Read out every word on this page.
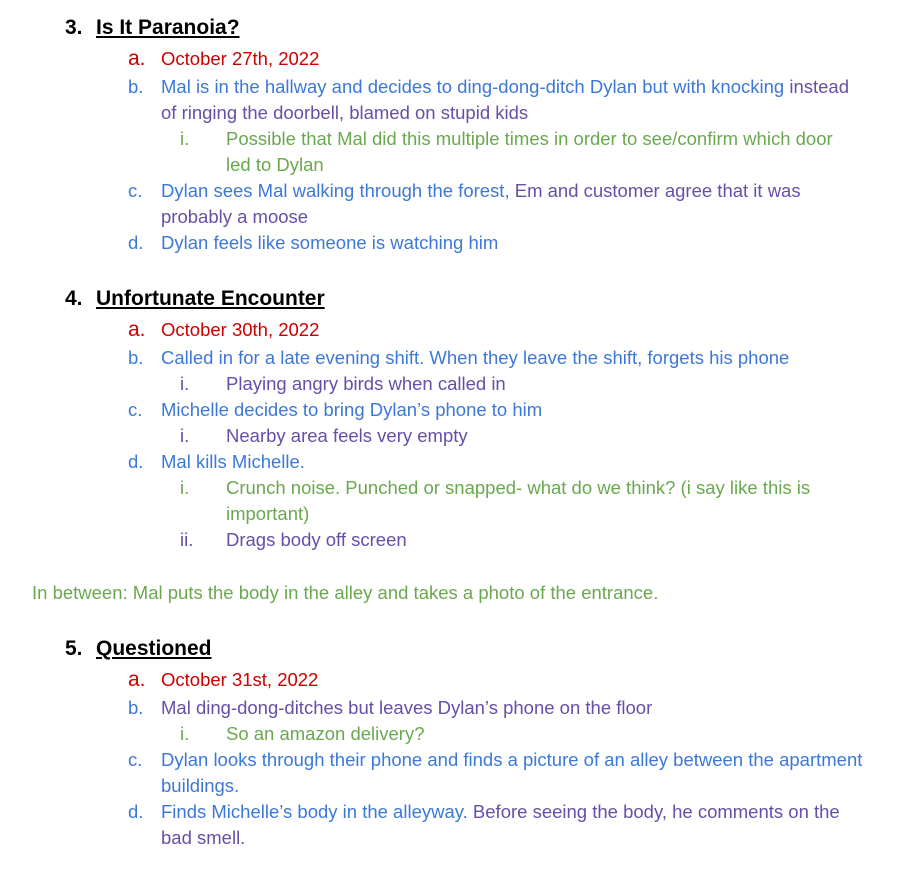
3. Is It Paranoia?
a. October 27th, 2022
b. Mal is in the hallway and decides to ding-dong-ditch Dylan but with knocking instead of ringing the doorbell, blamed on stupid kids
i.	Possible that Mal did this multiple times in order to see/confirm which door led to Dylan
c.	Dylan sees Mal walking through the forest, Em and customer agree that it was probably a moose
d. Dylan feels like someone is watching him
4. Unfortunate Encounter
a. October 30th, 2022
b. Called in for a late evening shift. When they leave the shift, forgets his phone
i.	Playing angry birds when called in
c.	Michelle decides to bring Dylan’s phone to him
i.	Nearby area feels very empty
d. Mal kills Michelle.
i.	Crunch noise. Punched or snapped- what do we think? (i say like this is important)
ii.	Drags body off screen
In between: Mal puts the body in the alley and takes a photo of the entrance.
5. Questioned
a. October 31st, 2022
b. Mal ding-dong-ditches but leaves Dylan’s phone on the floor
i.	So an amazon delivery?
c.	Dylan looks through their phone and finds a picture of an alley between the apartment buildings.
d. Finds Michelle’s body in the alleyway. Before seeing the body, he comments on the bad smell.
